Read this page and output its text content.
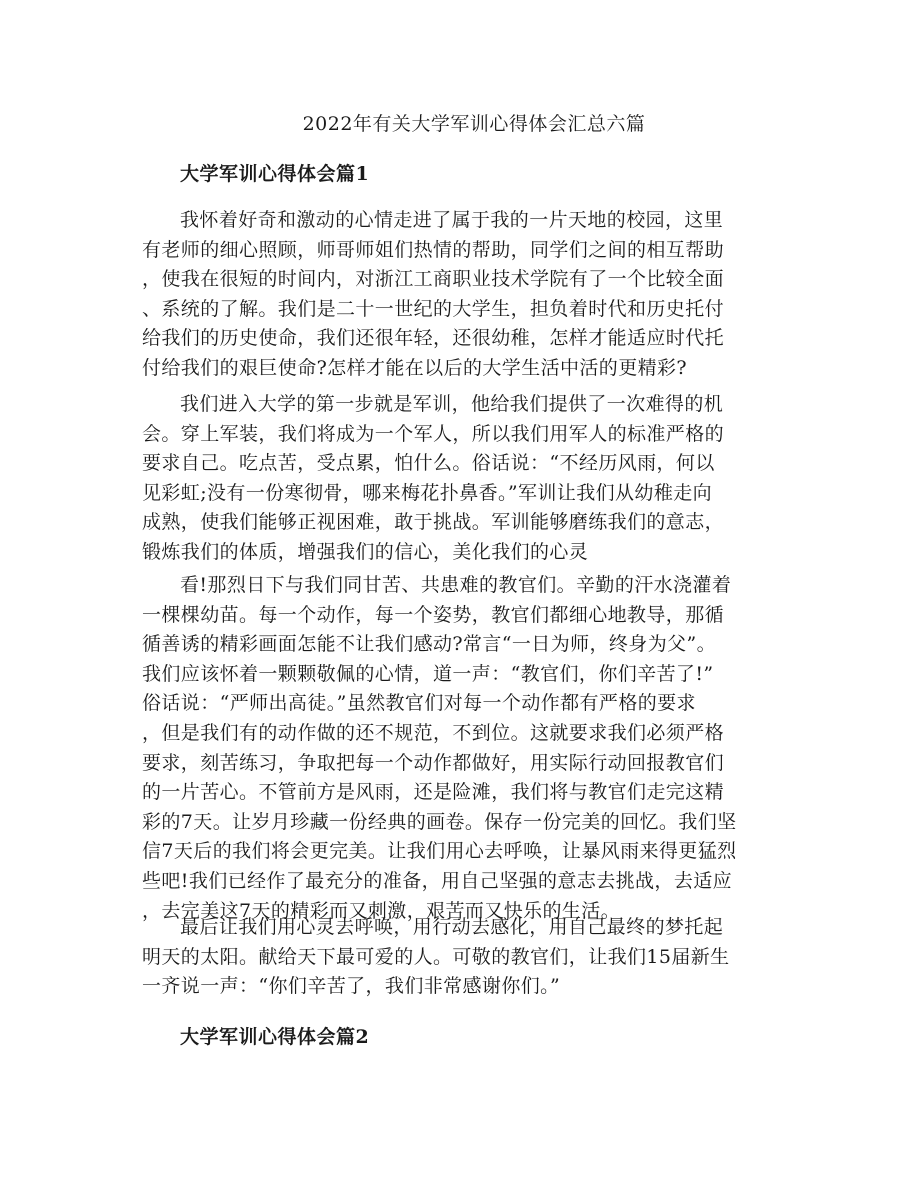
2022年有关大学军训心得体会汇总六篇
大学军训心得体会篇1

我怀着好奇和激动的心情走进了属于我的一片天地的校园，这里
有老师的细心照顾，师哥师姐们热情的帮助，同学们之间的相互帮助
，使我在很短的时间内，对浙江工商职业技术学院有了一个比较全面
、系统的了解。我们是二十一世纪的大学生，担负着时代和历史托付
给我们的历史使命，我们还很年轻，还很幼稚，怎样才能适应时代托
付给我们的艰巨使命?怎样才能在以后的大学生活中活的更精彩?

我们进入大学的第一步就是军训，他给我们提供了一次难得的机
会。穿上军装，我们将成为一个军人，所以我们用军人的标准严格的
要求自己。吃点苦，受点累，怕什么。俗话说：“不经历风雨，何以
见彩虹;没有一份寒彻骨，哪来梅花扑鼻香。”军训让我们从幼稚走向
成熟，使我们能够正视困难，敢于挑战。军训能够磨练我们的意志，
锻炼我们的体质，增强我们的信心，美化我们的心灵

看!那烈日下与我们同甘苦、共患难的教官们。辛勤的汗水浇灌着
一棵棵幼苗。每一个动作，每一个姿势，教官们都细心地教导，那循
循善诱的精彩画面怎能不让我们感动?常言“一日为师，终身为父”。
我们应该怀着一颗颗敬佩的心情，道一声：“教官们，你们辛苦了!”
俗话说：“严师出高徒。”虽然教官们对每一个动作都有严格的要求
，但是我们有的动作做的还不规范，不到位。这就要求我们必须严格
要求，刻苦练习，争取把每一个动作都做好，用实际行动回报教官们
的一片苦心。不管前方是风雨，还是险滩，我们将与教官们走完这精
彩的7天。让岁月珍藏一份经典的画卷。保存一份完美的回忆。我们坚
信7天后的我们将会更完美。让我们用心去呼唤，让暴风雨来得更猛烈
些吧!我们已经作了最充分的准备，用自己坚强的意志去挑战，去适应
，去完美这7天的精彩而又刺激，艰苦而又快乐的生活。

最后让我们用心灵去呼唤，用行动去感化，用自己最终的梦托起
明天的太阳。献给天下最可爱的人。可敬的教官们，让我们15届新生
一齐说一声：“你们辛苦了，我们非常感谢你们。”

大学军训心得体会篇2
